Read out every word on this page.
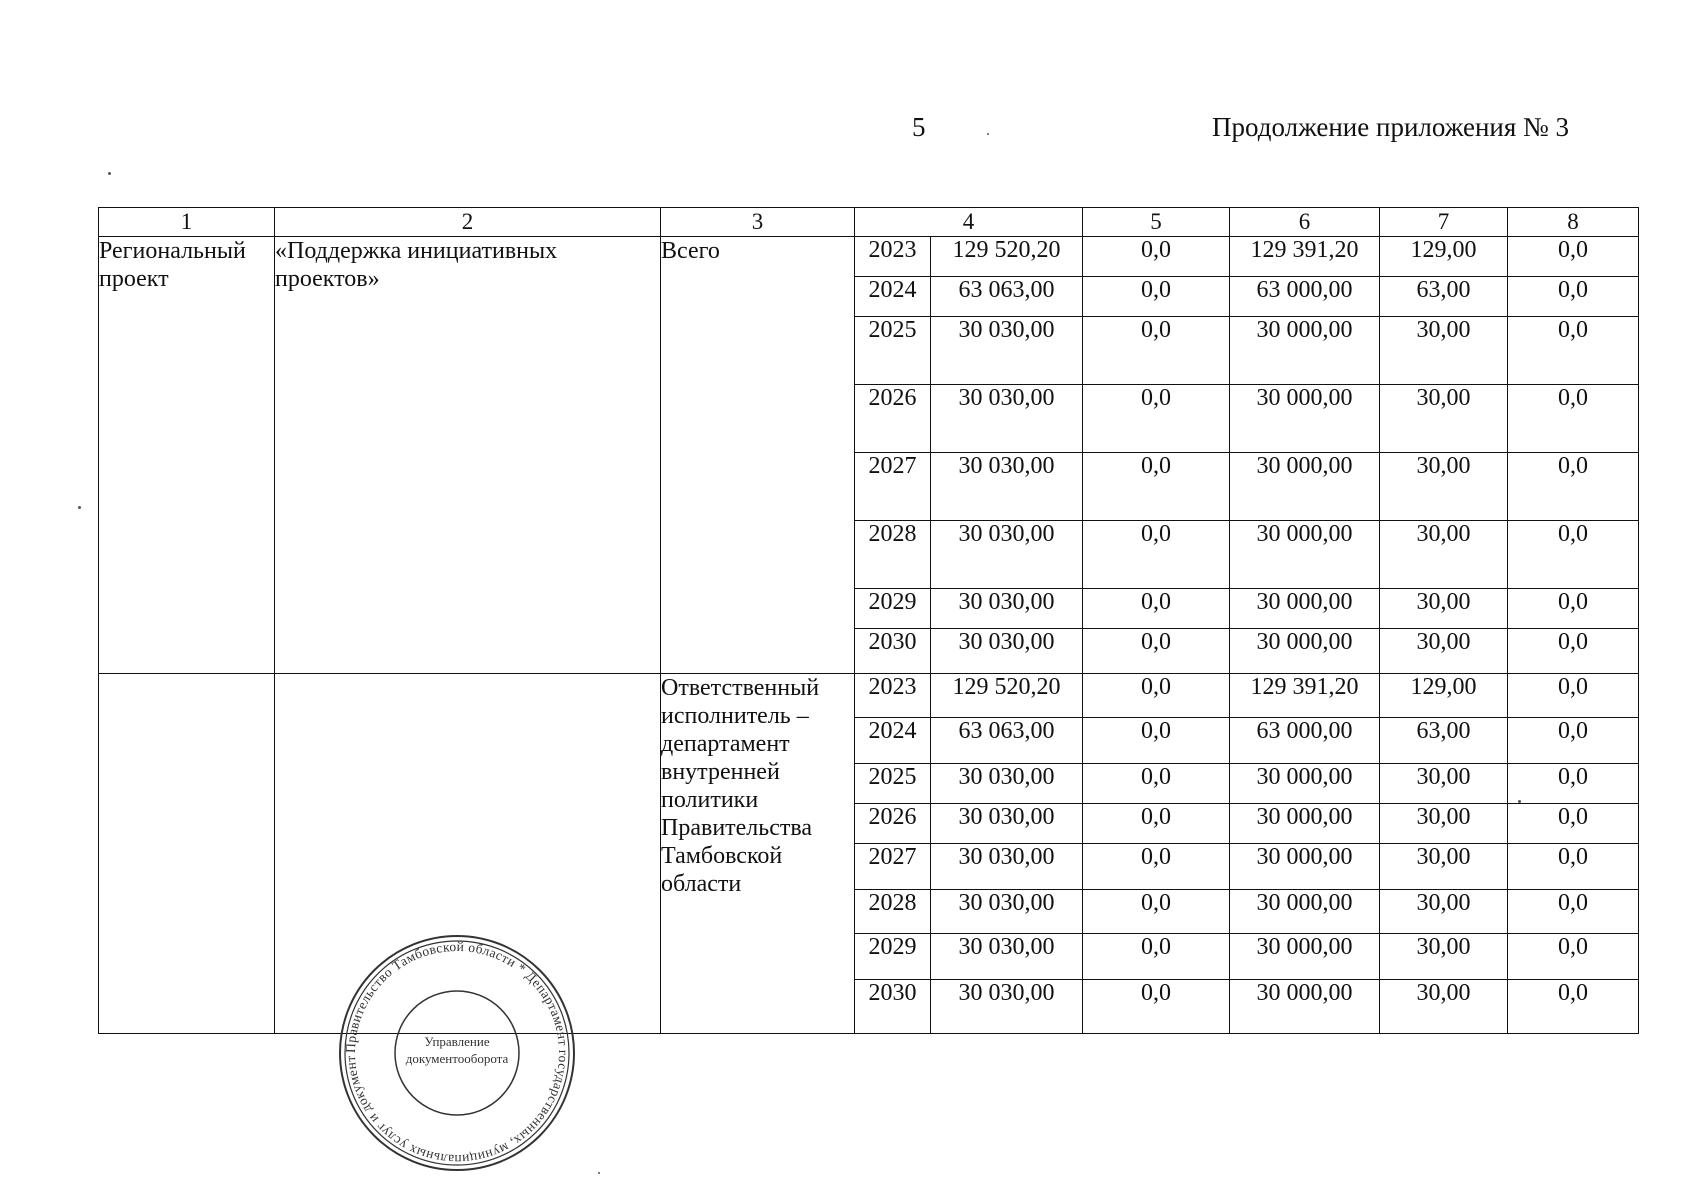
5	Продолжение приложения № 3
1	2	3	4		5	6	7	8
Региональный проект	«Поддержка инициативных проектов»	Всего	2023	129 520,20	0,0	129 391,20	129,00	0,0
			2024	63 063,00	0,0	63 000,00	63,00	0,0
			2025	30 030,00	0,0	30 000,00	30,00	0,0
			2026	30 030,00	0,0	30 000,00	30,00	0,0
			2027	30 030,00	0,0	30 000,00	30,00	0,0
			2028	30 030,00	0,0	30 000,00	30,00	0,0
			2029	30 030,00	0,0	30 000,00	30,00	0,0
			2030	30 030,00	0,0	30 000,00	30,00	0,0
		Ответственный исполнитель – департамент внутренней политики Правительства Тамбовской области	2023	129 520,20	0,0	129 391,20	129,00	0,0
			2024	63 063,00	0,0	63 000,00	63,00	0,0
			2025	30 030,00	0,0	30 000,00	30,00	0,0
			2026	30 030,00	0,0	30 000,00	30,00	0,0
			2027	30 030,00	0,0	30 000,00	30,00	0,0
			2028	30 030,00	0,0	30 000,00	30,00	0,0
			2029	30 030,00	0,0	30 000,00	30,00	0,0
			2030	30 030,00	0,0	30 000,00	30,00	0,0
Правительство Тамбовской области * Департамент государственных, муниципальных услуг и документ
Управление
документооборота
